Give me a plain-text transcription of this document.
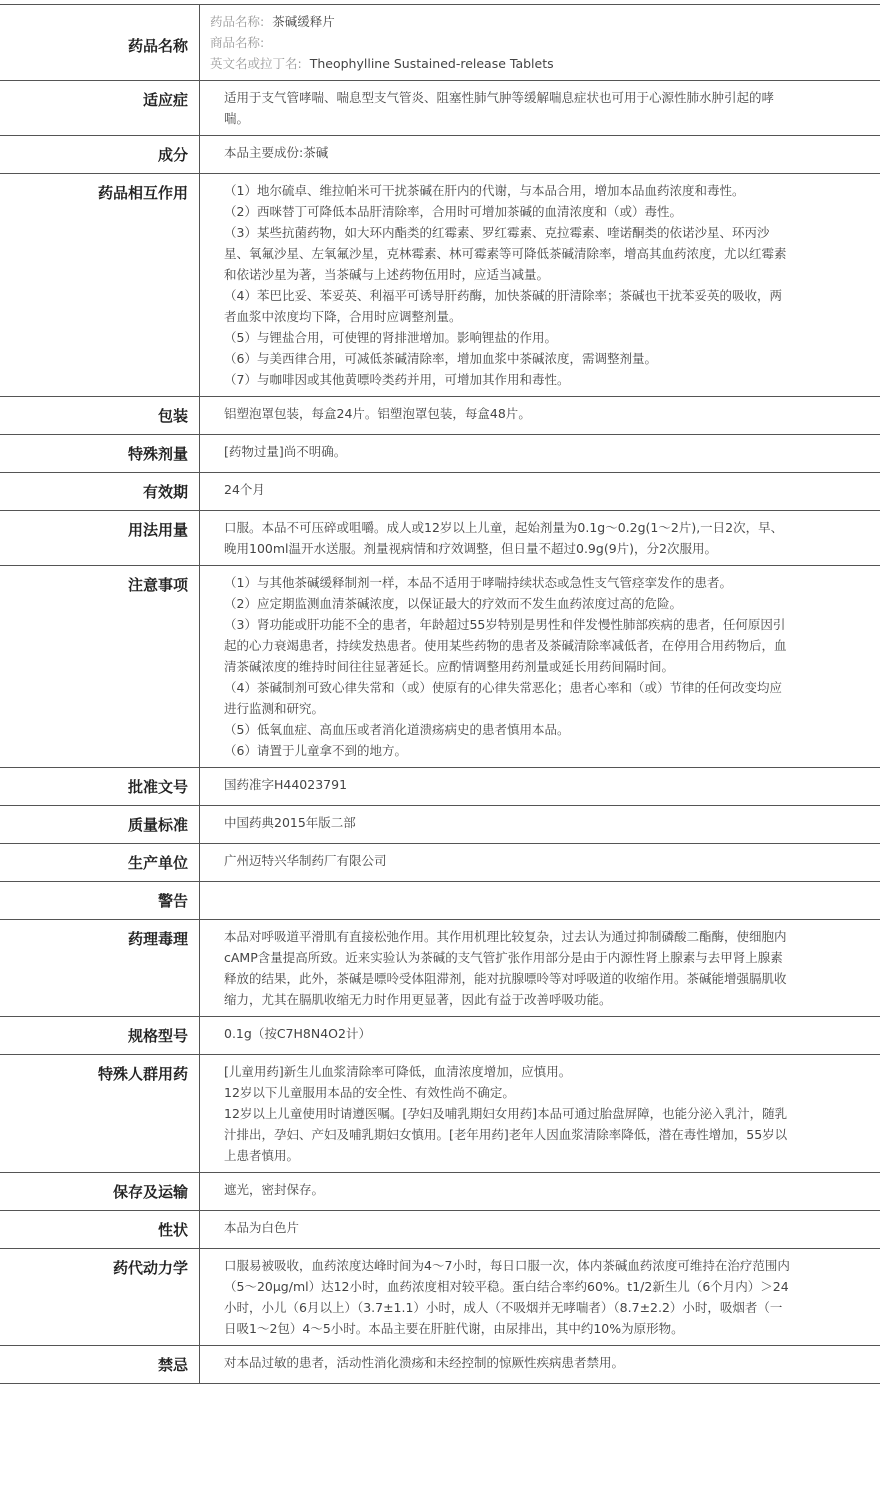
药品名称
药品名称: 茶碱缓释片
商品名称:
英文名或拉丁名: Theophylline Sustained-release Tablets
适应症	适用于支气管哮喘、喘息型支气管炎、阻塞性肺气肿等缓解喘息症状也可用于心源性肺水肿引起的哮喘。

成分	本品主要成份:茶碱

药品相互作用	（1）地尔硫卓、维拉帕米可干扰茶碱在肝内的代谢，与本品合用，增加本品血药浓度和毒性。

（2）西咪替丁可降低本品肝清除率，合用时可增加茶碱的血清浓度和（或）毒性。

（3）某些抗菌药物，如大环内酯类的红霉素、罗红霉素、克拉霉素、喹诺酮类的依诺沙星、环丙沙星、氧氟沙星、左氧氟沙星，克林霉素、林可霉素等可降低茶碱清除率，增高其血药浓度，尤以红霉素和依诺沙星为著，当茶碱与上述药物伍用时，应适当减量。

（4）苯巴比妥、苯妥英、利福平可诱导肝药酶，加快茶碱的肝清除率；茶碱也干扰苯妥英的吸收，两者血浆中浓度均下降，合用时应调整剂量。

（5）与锂盐合用，可使锂的肾排泄增加。影响锂盐的作用。

（6）与美西律合用，可减低茶碱清除率，增加血浆中茶碱浓度，需调整剂量。

（7）与咖啡因或其他黄嘌呤类药并用，可增加其作用和毒性。

包装	铝塑泡罩包装，每盒24片。铝塑泡罩包装，每盒48片。

特殊剂量	[药物过量]尚不明确。

有效期	24个月

用法用量	口服。本品不可压碎或咀嚼。成人或12岁以上儿童，起始剂量为0.1g～0.2g(1～2片),一日2次，早、晚用100ml温开水送服。剂量视病情和疗效调整，但日量不超过0.9g(9片)，分2次服用。

注意事项	（1）与其他茶碱缓释制剂一样，本品不适用于哮喘持续状态或急性支气管痉挛发作的患者。

（2）应定期监测血清茶碱浓度，以保证最大的疗效而不发生血药浓度过高的危险。

（3）肾功能或肝功能不全的患者，年龄超过55岁特别是男性和伴发慢性肺部疾病的患者，任何原因引起的心力衰竭患者，持续发热患者。使用某些药物的患者及茶碱清除率减低者，在停用合用药物后，血清茶碱浓度的维持时间往往显著延长。应酌情调整用药剂量或延长用药间隔时间。

（4）茶碱制剂可致心律失常和（或）使原有的心律失常恶化；患者心率和（或）节律的任何改变均应进行监测和研究。

（5）低氧血症、高血压或者消化道溃疡病史的患者慎用本品。

（6）请置于儿童拿不到的地方。

批准文号	国药准字H44023791

质量标准	中国药典2015年版二部

生产单位	广州迈特兴华制药厂有限公司

警告
药理毒理	本品对呼吸道平滑肌有直接松弛作用。其作用机理比较复杂，过去认为通过抑制磷酸二酯酶，使细胞内cAMP含量提高所致。近来实验认为茶碱的支气管扩张作用部分是由于内源性肾上腺素与去甲肾上腺素释放的结果，此外，茶碱是嘌呤受体阻滞剂，能对抗腺嘌呤等对呼吸道的收缩作用。茶碱能增强膈肌收缩力，尤其在膈肌收缩无力时作用更显著，因此有益于改善呼吸功能。

规格型号	0.1g（按C7H8N4O2计）

特殊人群用药	[儿童用药]新生儿血浆清除率可降低，血清浓度增加，应慎用。

12岁以下儿童服用本品的安全性、有效性尚不确定。

12岁以上儿童使用时请遵医嘱。[孕妇及哺乳期妇女用药]本品可通过胎盘屏障，也能分泌入乳汁，随乳汁排出，孕妇、产妇及哺乳期妇女慎用。[老年用药]老年人因血浆清除率降低，潜在毒性增加，55岁以上患者慎用。

保存及运输	遮光，密封保存。

性状	本品为白色片

药代动力学	口服易被吸收，血药浓度达峰时间为4～7小时，每日口服一次，体内茶碱血药浓度可维持在治疗范围内（5～20μg/ml）达12小时，血药浓度相对较平稳。蛋白结合率约60%。t1/2新生儿（6个月内）＞24小时，小儿（6月以上）（3.7±1.1）小时，成人（不吸烟并无哮喘者）（8.7±2.2）小时，吸烟者（一日吸1～2包）4～5小时。本品主要在肝脏代谢，由尿排出，其中约10%为原形物。

禁忌	对本品过敏的患者，活动性消化溃疡和未经控制的惊厥性疾病患者禁用。
